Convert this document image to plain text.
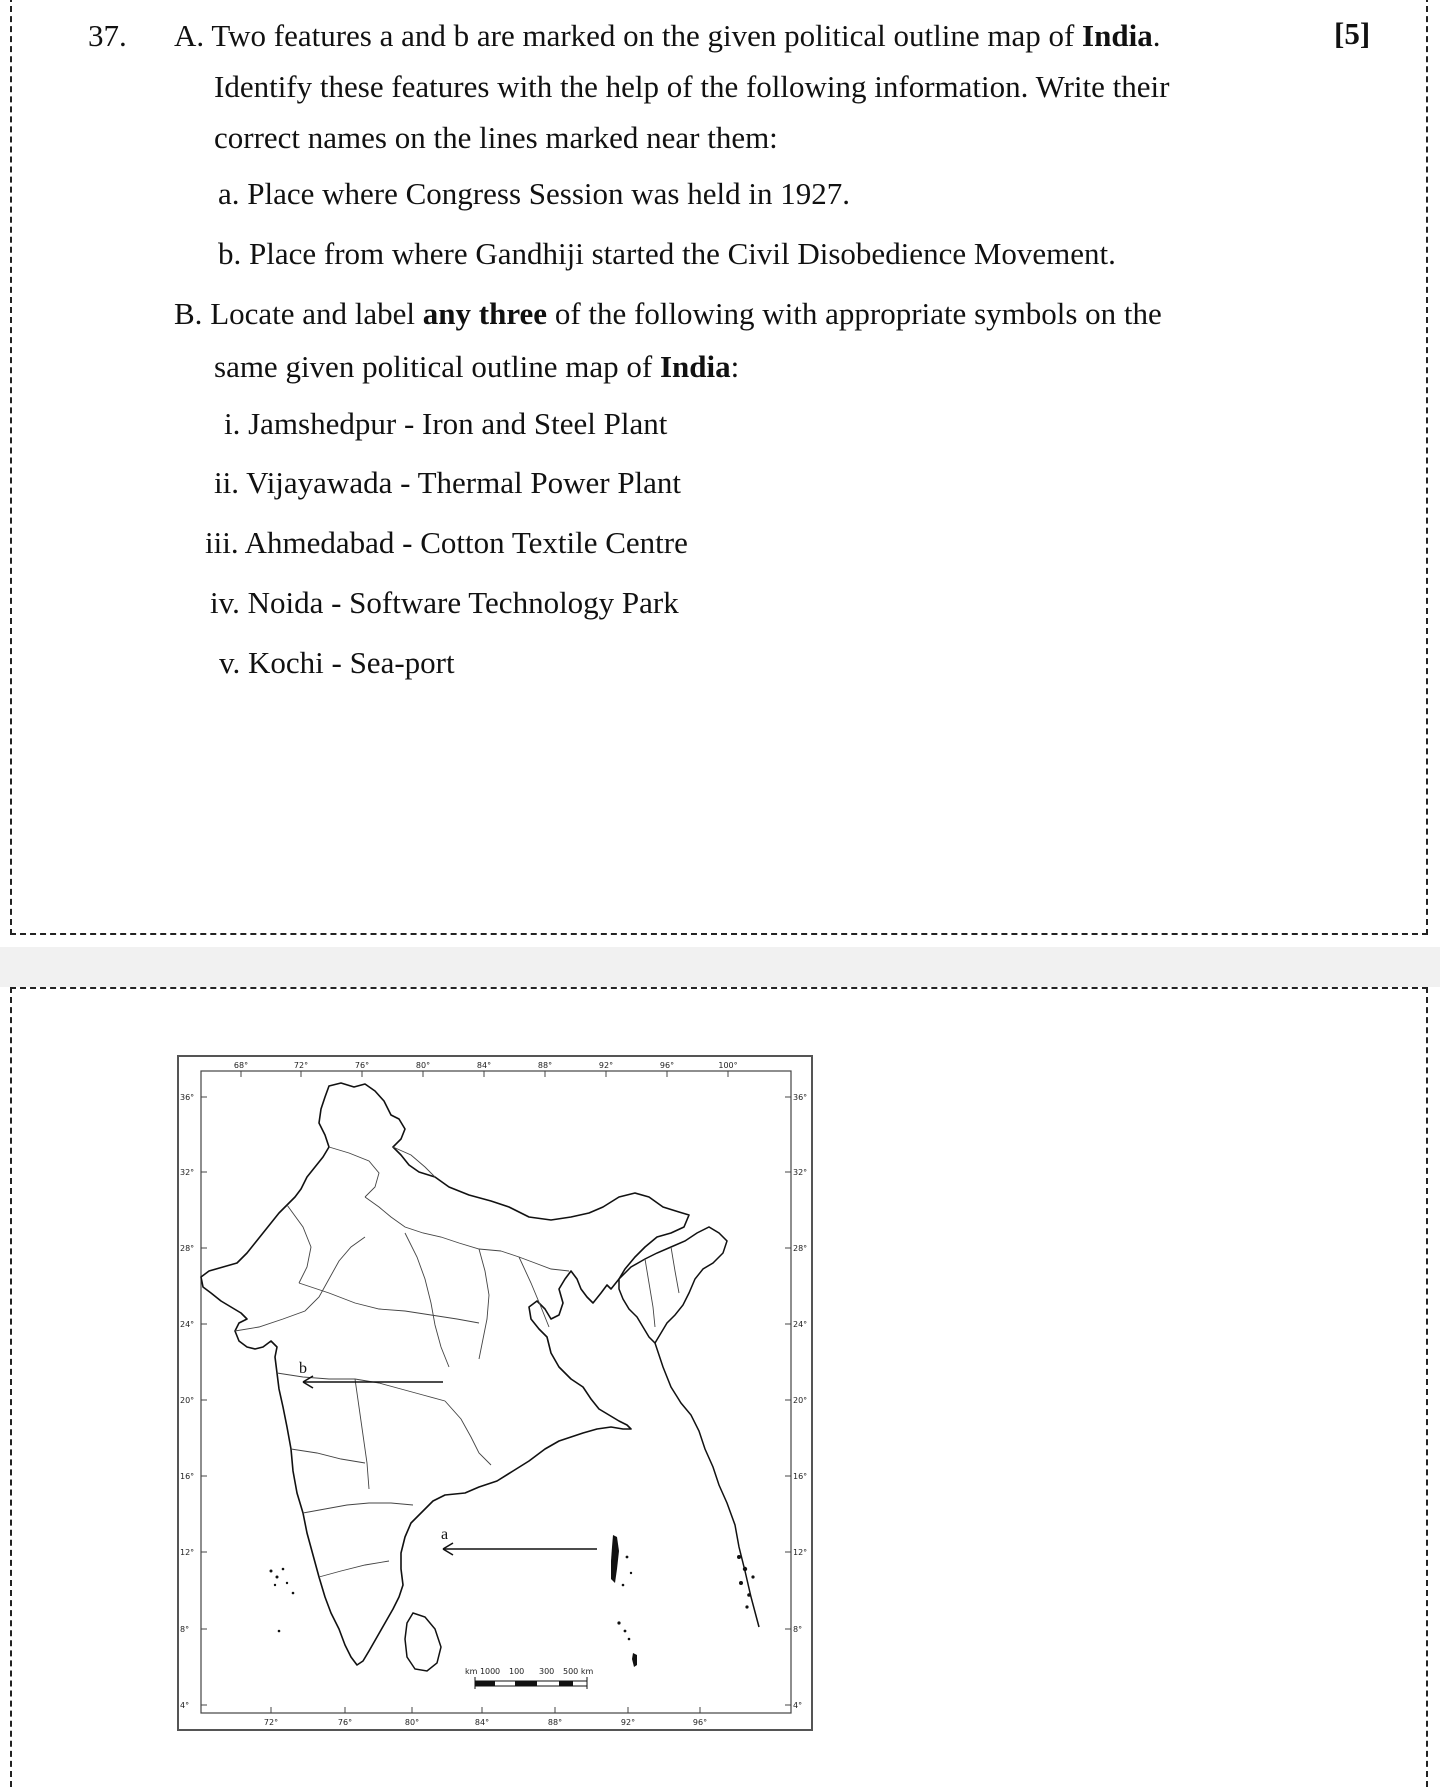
37.	[5]
A. Two features a and b are marked on the given political outline map of India.
Identify these features with the help of the following information. Write their
correct names on the lines marked near them:
a. Place where Congress Session was held in 1927.
b. Place from where Gandhiji started the Civil Disobedience Movement.
B. Locate and label any three of the following with appropriate symbols on the
same given political outline map of India:
i. Jamshedpur - Iron and Steel Plant
ii. Vijayawada - Thermal Power Plant
iii. Ahmedabad - Cotton Textile Centre
iv. Noida - Software Technology Park
v. Kochi - Sea-port
68°	72°	76°	80°	84°	88°	92°	96°	100°
72°	76°	80°	84°	88°	92°	96°
36°
32°
28°
24°
20°
16°
12°
8°
4°
36°
32°
28°
24°
20°
16°
12°
8°
4°
b
a
km 100 0 100 300 500 km
